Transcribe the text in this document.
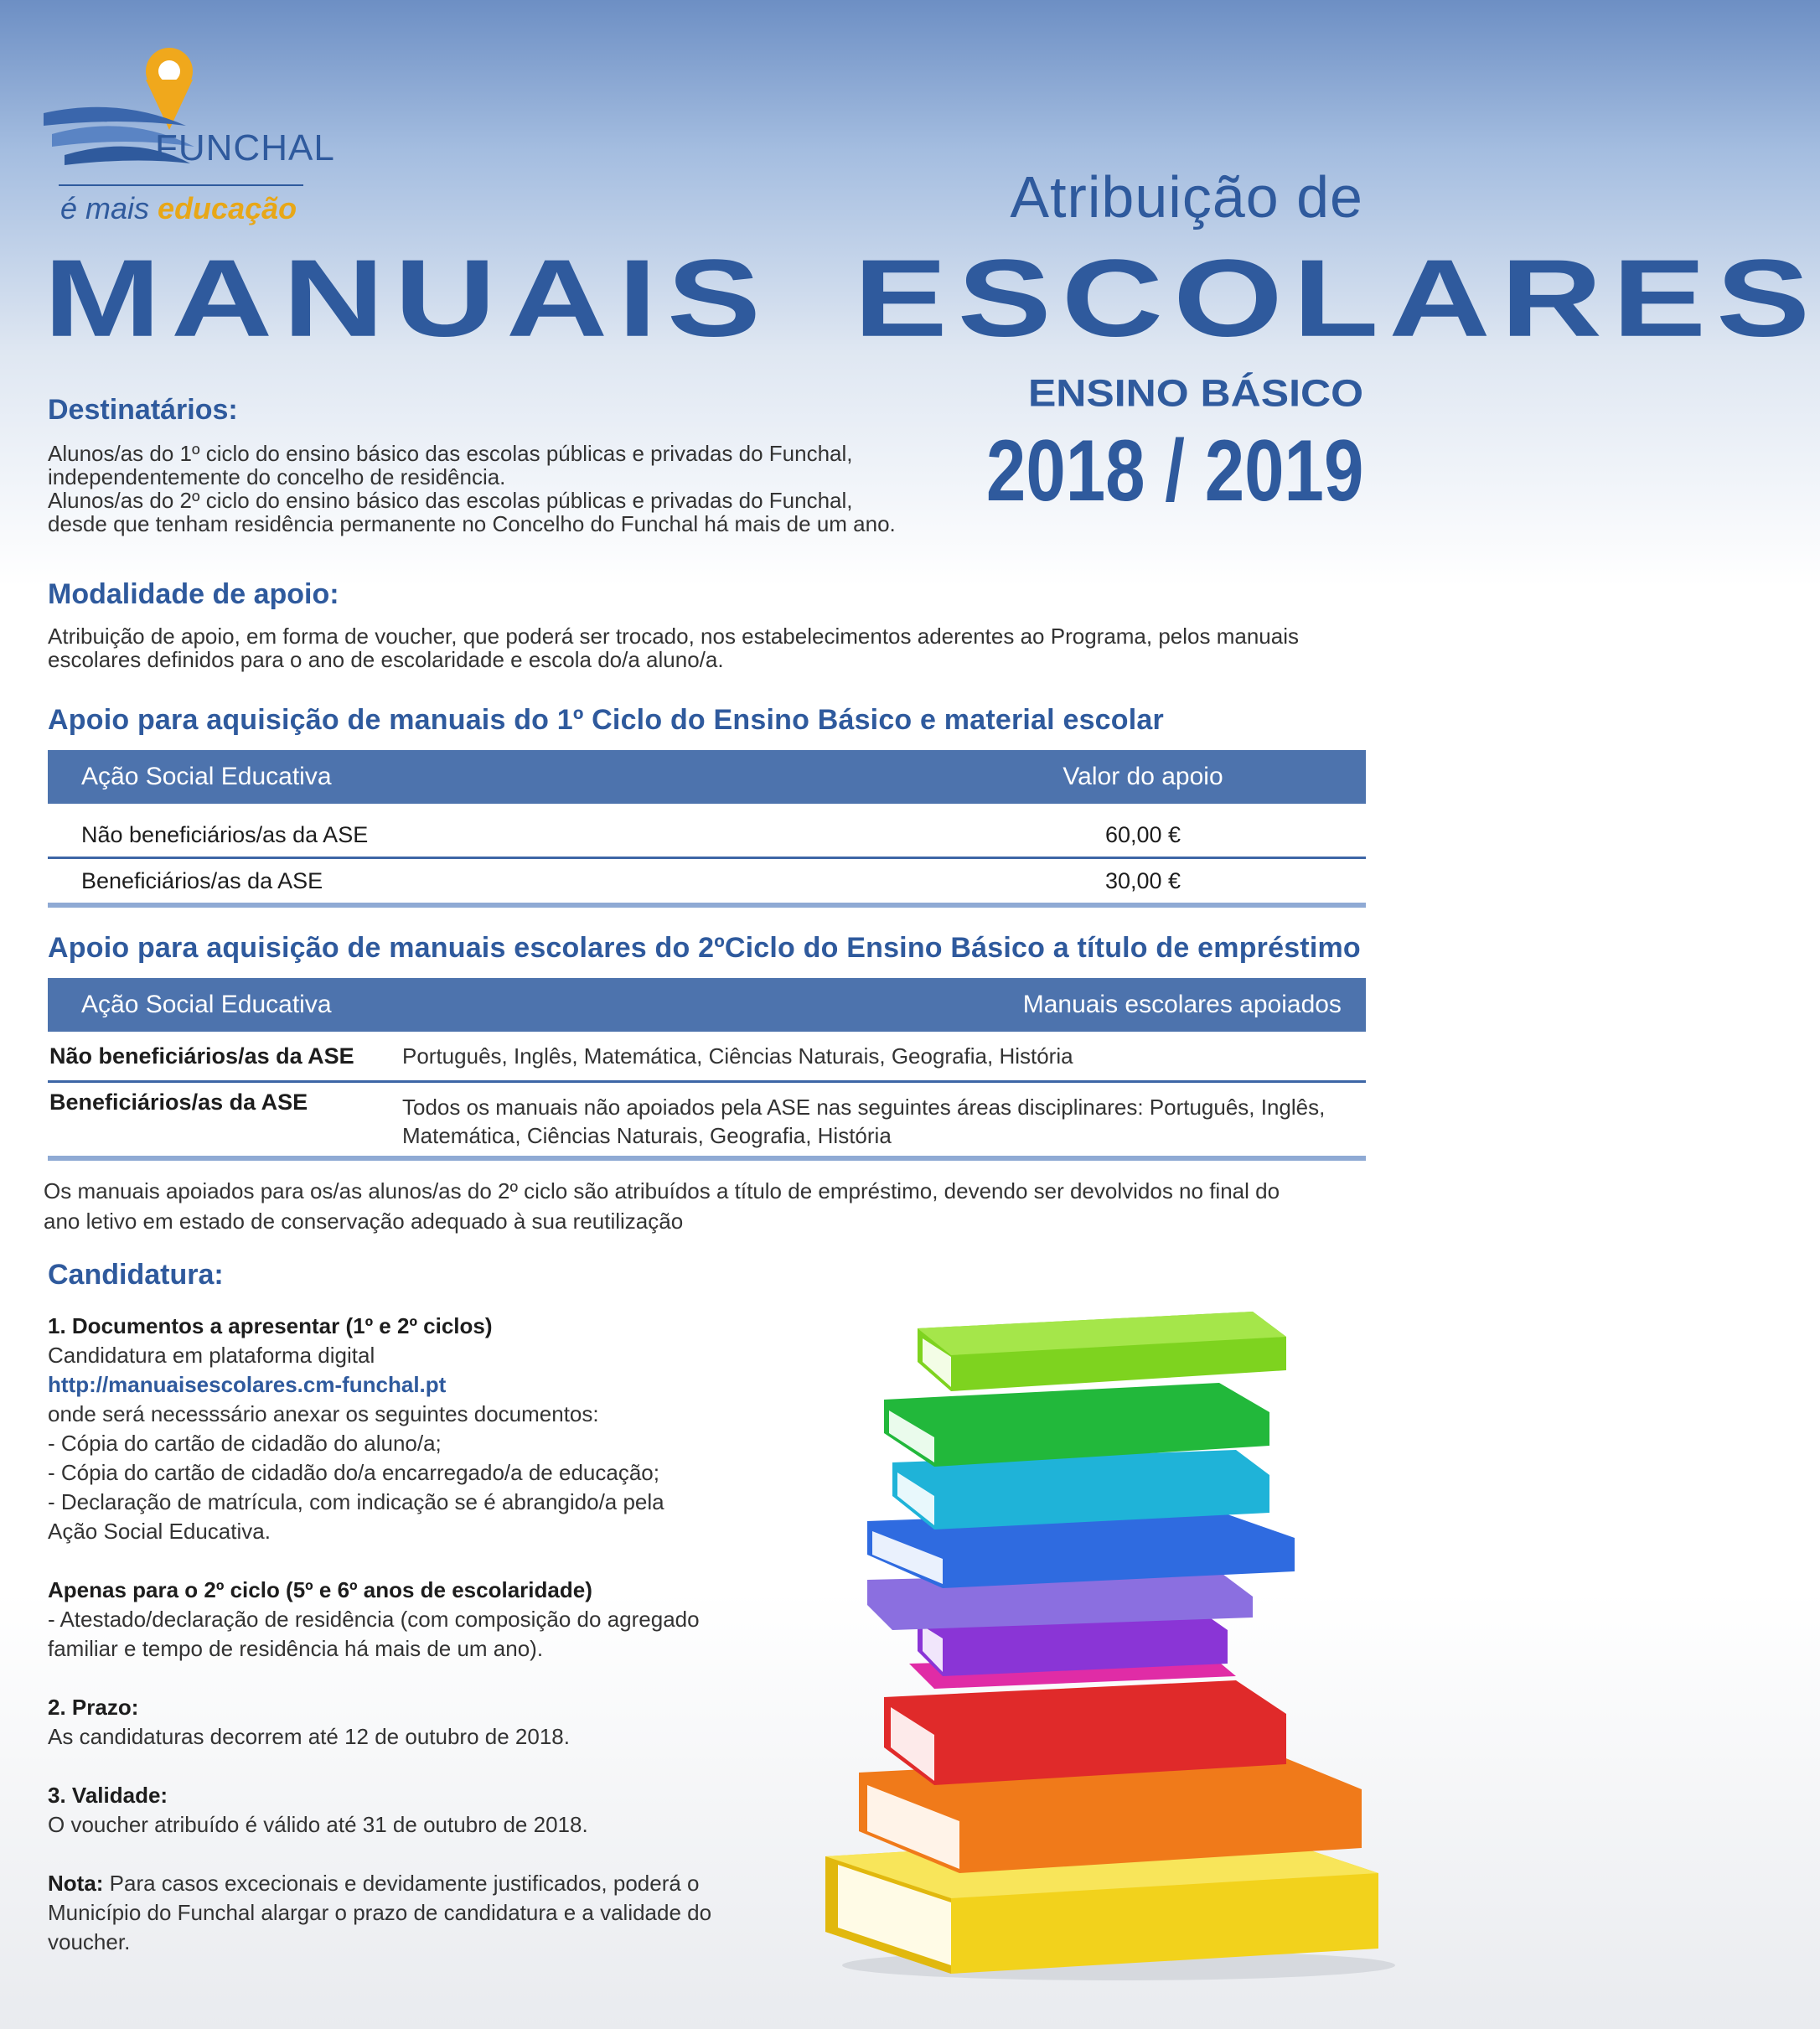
FUNCHAL
é mais educação	Atribuição de
MANUAIS ESCOLARES
ENSINO BÁSICO
2018 / 2019
Destinatários:
Alunos/as do 1º ciclo do ensino básico das escolas públicas e privadas do Funchal,
independentemente do concelho de residência.
Alunos/as do 2º ciclo do ensino básico das escolas públicas e privadas do Funchal,
desde que tenham residência permanente no Concelho do Funchal há mais de um ano.
Modalidade de apoio:
Atribuição de apoio, em forma de voucher, que poderá ser trocado, nos estabelecimentos aderentes ao Programa, pelos manuais
escolares definidos para o ano de escolaridade e escola do/a aluno/a.
Apoio para aquisição de manuais do 1º Ciclo do Ensino Básico e material escolar
Ação Social Educativa	Valor do apoio
Não beneficiários/as da ASE	60,00 €
Beneficiários/as da ASE	30,00 €
Apoio para aquisição de manuais escolares do 2ºCiclo do Ensino Básico a título de empréstimo
Ação Social Educativa		Manuais escolares apoiados
Não beneficiários/as da ASE	Português, Inglês, Matemática, Ciências Naturais, Geografia, História	
Beneficiários/as da ASE	Todos os manuais não apoiados pela ASE nas seguintes áreas disciplinares: Português, Inglês,
Matemática, Ciências Naturais, Geografia, História	
Os manuais apoiados para os/as alunos/as do 2º ciclo são atribuídos a título de empréstimo, devendo ser devolvidos no final do
ano letivo em estado de conservação adequado à sua reutilização
Candidatura:
1. Documentos a apresentar (1º e 2º ciclos)
Candidatura em plataforma digital
http://manuaisescolares.cm-funchal.pt
onde será necesssário anexar os seguintes documentos:
- Cópia do cartão de cidadão do aluno/a;
- Cópia do cartão de cidadão do/a encarregado/a de educação;
- Declaração de matrícula, com indicação se é abrangido/a pela
Ação Social Educativa.
Apenas para o 2º ciclo (5º e 6º anos de escolaridade)
- Atestado/declaração de residência (com composição do agregado
familiar e tempo de residência há mais de um ano).
2. Prazo:
As candidaturas decorrem até 12 de outubro de 2018.
3. Validade:
O voucher atribuído é válido até 31 de outubro de 2018.
Nota: Para casos excecionais e devidamente justificados, poderá o
Município do Funchal alargar o prazo de candidatura e a validade do
voucher.
